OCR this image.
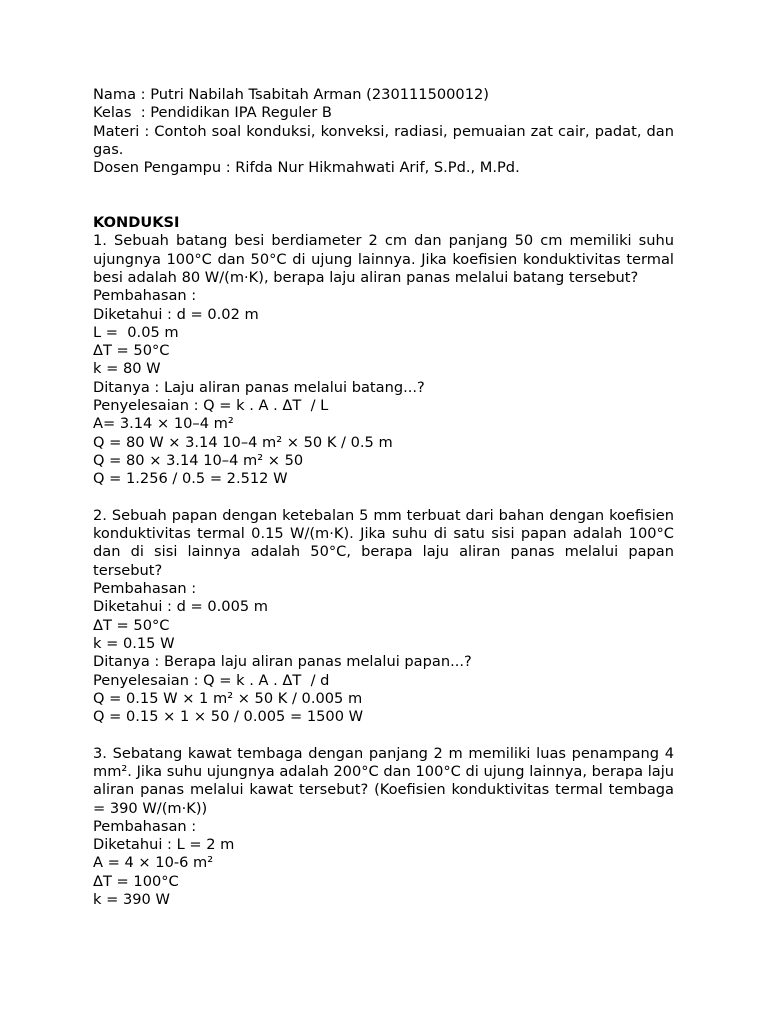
Nama : Putri Nabilah Tsabitah Arman (230111500012)
Kelas  : Pendidikan IPA Reguler B
Materi : Contoh soal konduksi, konveksi, radiasi, pemuaian zat cair, padat, dan gas.
Dosen Pengampu : Rifda Nur Hikmahwati Arif, S.Pd., M.Pd.
KONDUKSI
1. Sebuah batang besi berdiameter 2 cm dan panjang 50 cm memiliki suhu ujungnya 100°C dan 50°C di ujung lainnya. Jika koefisien konduktivitas termal besi adalah 80 W/(m·K), berapa laju aliran panas melalui batang tersebut?
Pembahasan :
Diketahui : d = 0.02 m
L =  0.05 m
ΔT = 50°C
k = 80 W
Ditanya : Laju aliran panas melalui batang...?
Penyelesaian : Q = k . A . ΔT  / L
A= 3.14 × 10–4 m²
Q = 80 W × 3.14 10–4 m² × 50 K / 0.5 m
Q = 80 × 3.14 10–4 m² × 50
Q = 1.256 / 0.5 = 2.512 W
2. Sebuah papan dengan ketebalan 5 mm terbuat dari bahan dengan koefisien konduktivitas termal 0.15 W/(m·K). Jika suhu di satu sisi papan adalah 100°C dan di sisi lainnya adalah 50°C, berapa laju aliran panas melalui papan tersebut?
Pembahasan :
Diketahui : d = 0.005 m
ΔT = 50°C
k = 0.15 W
Ditanya : Berapa laju aliran panas melalui papan...?
Penyelesaian : Q = k . A . ΔT  / d
Q = 0.15 W × 1 m² × 50 K / 0.005 m
Q = 0.15 × 1 × 50 / 0.005 = 1500 W
3. Sebatang kawat tembaga dengan panjang 2 m memiliki luas penampang 4 mm². Jika suhu ujungnya adalah 200°C dan 100°C di ujung lainnya, berapa laju aliran panas melalui kawat tersebut? (Koefisien konduktivitas termal tembaga = 390 W/(m·K))
Pembahasan :
Diketahui : L = 2 m
A = 4 × 10-6 m²
ΔT = 100°C
k = 390 W
